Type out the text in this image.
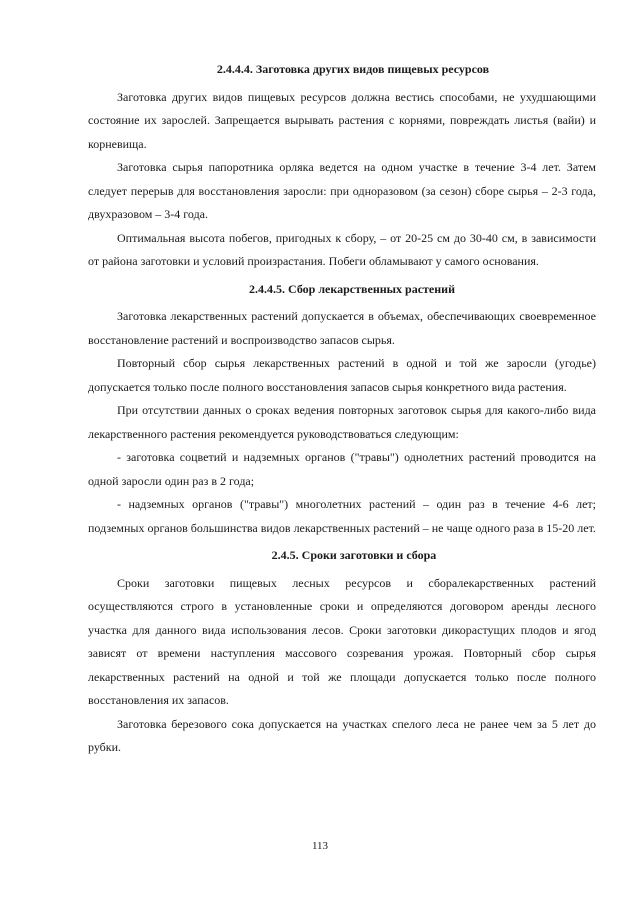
2.4.4.4. Заготовка других видов пищевых ресурсов

Заготовка других видов пищевых ресурсов должна вестись способами, не ухудшающими состояние их зарослей. Запрещается вырывать растения с корнями, повреждать листья (вайи) и корневища.

Заготовка сырья папоротника орляка ведется на одном участке в течение 3-4 лет. Затем следует перерыв для восстановления заросли: при одноразовом (за сезон) сборе сырья – 2-3 года, двухразовом – 3-4 года.

Оптимальная высота побегов, пригодных к сбору, – от 20-25 см до 30-40 см, в зависимости от района заготовки и условий произрастания. Побеги обламывают у самого основания.

2.4.4.5. Сбор лекарственных растений

Заготовка лекарственных растений допускается в объемах, обеспечивающих своевременное восстановление растений и воспроизводство запасов сырья.

Повторный сбор сырья лекарственных растений в одной и той же заросли (угодье) допускается только после полного восстановления запасов сырья конкретного вида растения.

При отсутствии данных о сроках ведения повторных заготовок сырья для какого-либо вида лекарственного растения рекомендуется руководствоваться следующим:

- заготовка соцветий и надземных органов ("травы") однолетних растений проводится на одной заросли один раз в 2 года;

- надземных органов ("травы") многолетних растений – один раз в течение 4-6 лет; подземных органов большинства видов лекарственных растений – не чаще одного раза в 15-20 лет.

2.4.5. Сроки заготовки и сбора

Сроки заготовки пищевых лесных ресурсов и сборалекарственных растений осуществляются строго в установленные сроки и определяются договором аренды лесного участка для данного вида использования лесов. Сроки заготовки дикорастущих плодов и ягод зависят от времени наступления массового созревания урожая. Повторный сбор сырья лекарственных растений на одной и той же площади допускается только после полного восстановления их запасов.

Заготовка березового сока допускается на участках спелого леса не ранее чем за 5 лет до рубки.

113
